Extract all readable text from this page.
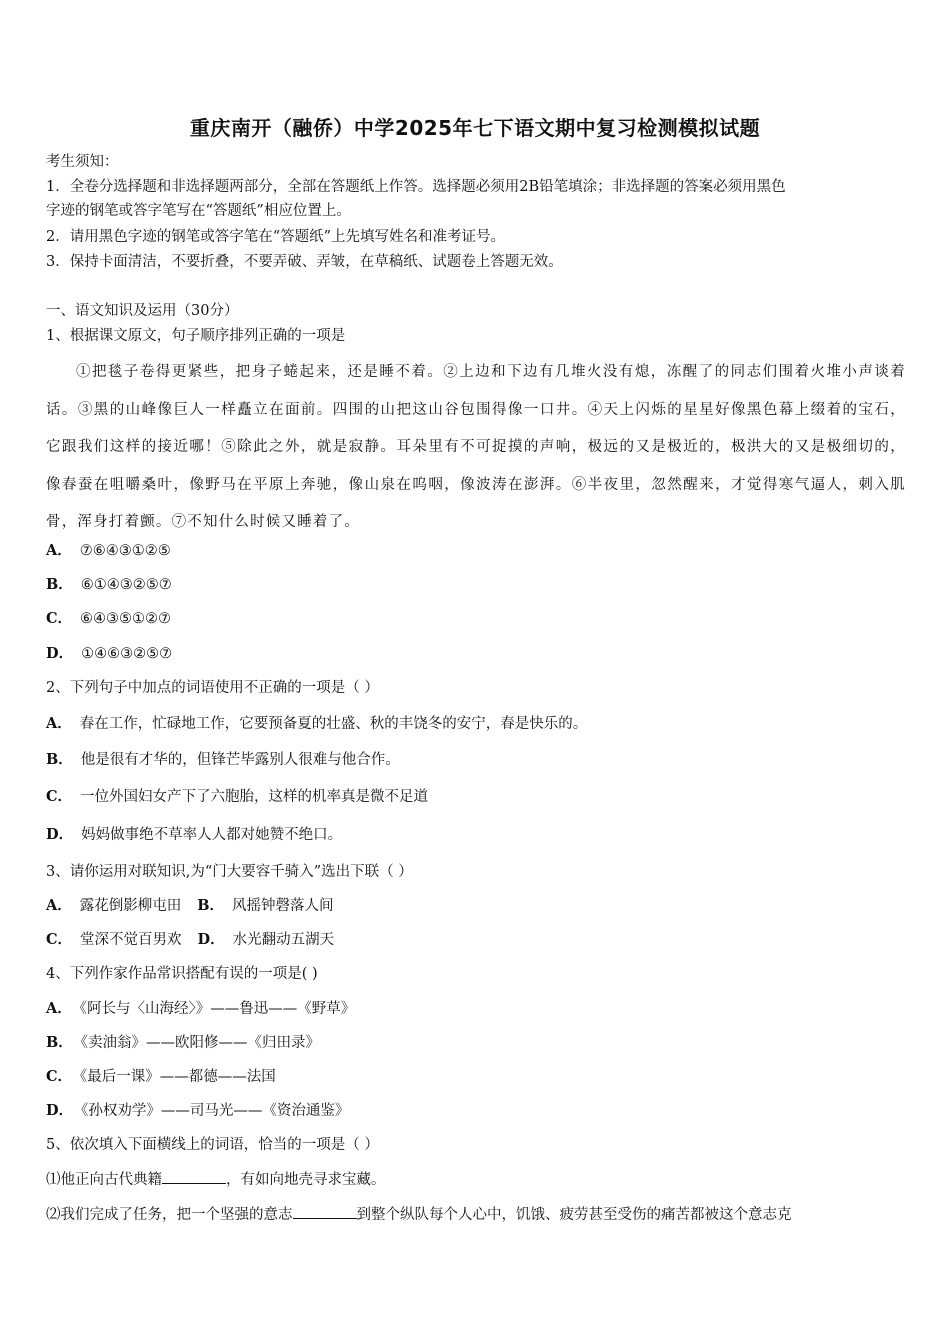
重庆南开（融侨）中学2025年七下语文期中复习检测模拟试题
考生须知：
1．全卷分选择题和非选择题两部分，全部在答题纸上作答。选择题必须用2B铅笔填涂；非选择题的答案必须用黑色
字迹的钢笔或答字笔写在“答题纸”相应位置上。
2．请用黑色字迹的钢笔或答字笔在“答题纸”上先填写姓名和准考证号。
3．保持卡面清洁，不要折叠，不要弄破、弄皱，在草稿纸、试题卷上答题无效。
一、语文知识及运用（30分）
1、根据课文原文，句子顺序排列正确的一项是

①把毯子卷得更紧些，把身子蜷起来，还是睡不着。②上边和下边有几堆火没有熄，冻醒了的同志们围着火堆小声谈着话。③黑的山峰像巨人一样矗立在面前。四围的山把这山谷包围得像一口井。④天上闪烁的星星好像黑色幕上缀着的宝石，它跟我们这样的接近哪！⑤除此之外，就是寂静。耳朵里有不可捉摸的声响，极远的又是极近的，极洪大的又是极细切的，像春蚕在咀嚼桑叶，像野马在平原上奔驰，像山泉在呜咽，像波涛在澎湃。⑥半夜里，忽然醒来，才觉得寒气逼人，刺入肌骨，浑身打着颤。⑦不知什么时候又睡着了。

A． ⑦⑥④③①②⑤
B． ⑥①④③②⑤⑦
C． ⑥④③⑤①②⑦
D． ①④⑥③②⑤⑦
2、下列句子中加点的词语使用不正确的一项是（ ）
A． 春在工作，忙碌地工作，它要预备夏的壮盛、秋的丰饶冬的安宁，春是快乐的。
B． 他是很有才华的，但锋芒毕露别人很难与他合作。
C． 一位外国妇女产下了六胞胎，这样的机率真是微不足道
D． 妈妈做事绝不草率人人都对她赞不绝口。
3、请你运用对联知识,为“门大要容千骑入”选出下联（ ）
A． 露花倒影柳屯田 B． 风摇钟磬落人间
C． 堂深不觉百男欢 D． 水光翻动五湖天
4、下列作家作品常识搭配有误的一项是( )
A． 《阿长与〈山海经〉》——鲁迅——《野草》
B． 《卖油翁》——欧阳修——《归田录》
C． 《最后一课》——都德——法国
D． 《孙权劝学》——司马光——《资治通鉴》
5、依次填入下面横线上的词语，恰当的一项是（ ）
⑴他正向古代典籍	，有如向地壳寻求宝藏。
⑵我们完成了任务，把一个坚强的意志	到整个纵队每个人心中，饥饿、疲劳甚至受伤的痛苦都被这个意志克
